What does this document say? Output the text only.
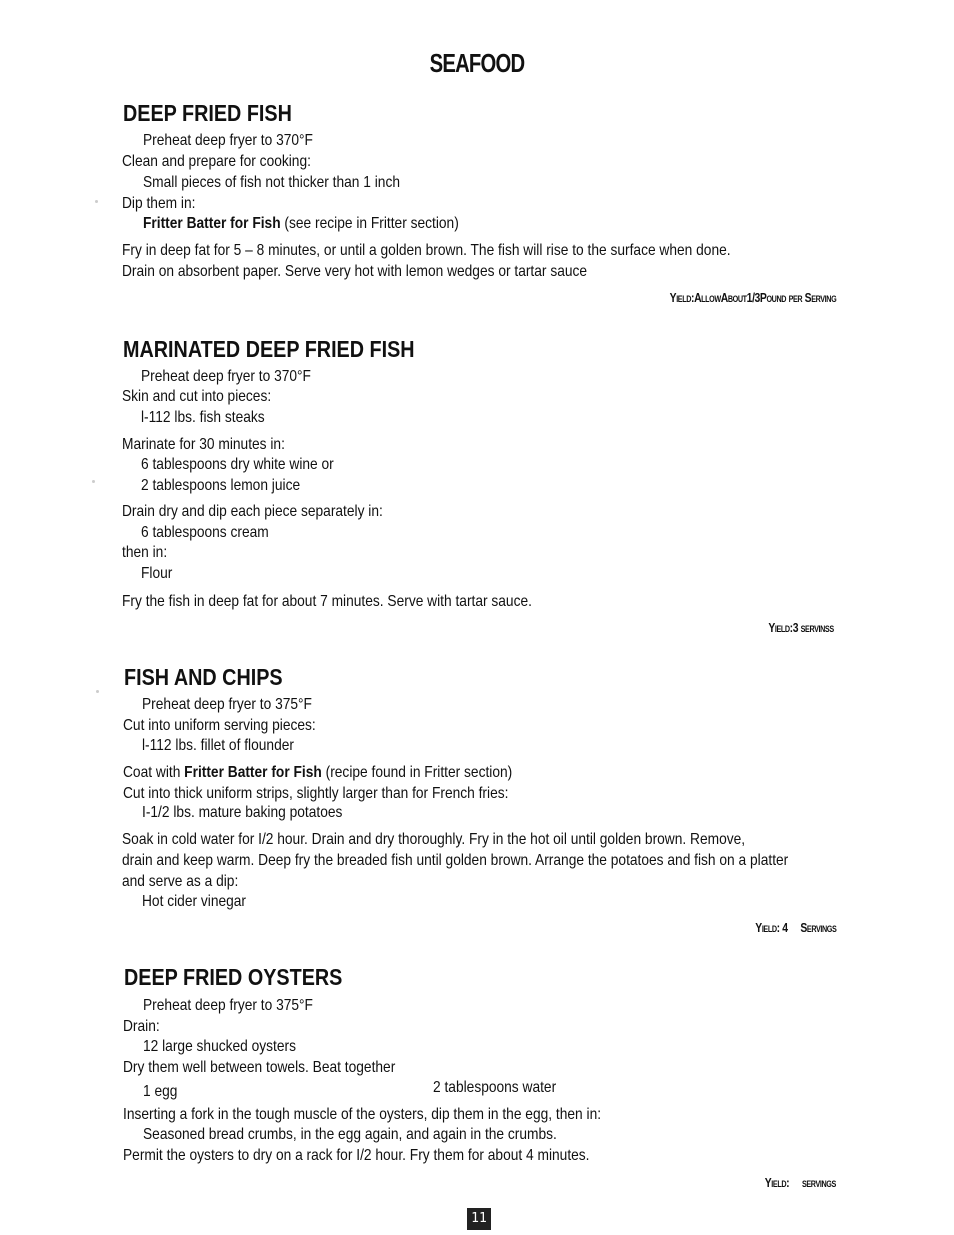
SEAFOOD
DEEP FRIED FISH
Preheat deep fryer to 370°F
Clean and prepare for cooking:
Small pieces of fish not thicker than 1 inch
Dip them in:
Fritter Batter for Fish (see recipe in Fritter section)
Fry in deep fat for 5 – 8 minutes, or until a golden brown. The fish will rise to the surface when done.
Drain on absorbent paper. Serve very hot with lemon wedges or tartar sauce
Yield:AllowAbout1/3Pound per Serving
MARINATED DEEP FRIED FISH
Preheat deep fryer to 370°F
Skin and cut into pieces:
l-112 lbs. fish steaks
Marinate for 30 minutes in:
6 tablespoons dry white wine or
2 tablespoons lemon juice
Drain dry and dip each piece separately in:
6 tablespoons cream
then in:
Flour
Fry the fish in deep fat for about 7 minutes. Serve with tartar sauce.
Yield:3 servinss
FISH AND CHIPS
Preheat deep fryer to 375°F
Cut into uniform serving pieces:
l-112 lbs. fillet of flounder
Coat with Fritter Batter for Fish (recipe found in Fritter section)
Cut into thick uniform strips, slightly larger than for French fries:
I-1/2 lbs. mature baking potatoes
Soak in cold water for I/2 hour. Drain and dry thoroughly. Fry in the hot oil until golden brown. Remove,
drain and keep warm. Deep fry the breaded fish until golden brown. Arrange the potatoes and fish on a platter
and serve as a dip:
Hot cider vinegar
Yield: 4 Servings
DEEP FRIED OYSTERS
Preheat deep fryer to 375°F
Drain:
12 large shucked oysters
Dry them well between towels. Beat together
1 egg	2 tablespoons water
Inserting a fork in the tough muscle of the oysters, dip them in the egg, then in:
Seasoned bread crumbs, in the egg again, and again in the crumbs.
Permit the oysters to dry on a rack for I/2 hour. Fry them for about 4 minutes.
Yield: servings
11
